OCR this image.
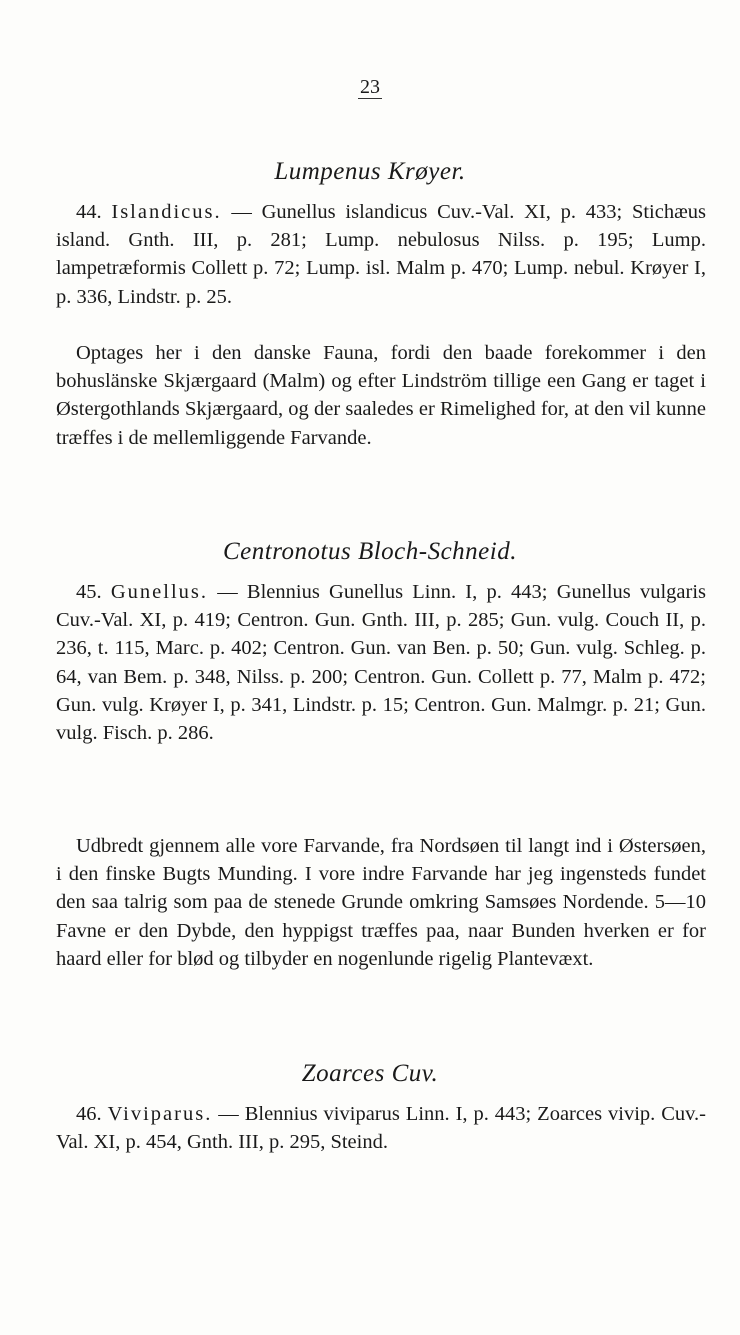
23
Lumpenus Krøyer.

44. Islandicus. — Gunellus islandicus Cuv.-Val. XI, p. 433; Stichæus island. Gnth. III, p. 281; Lump. nebulosus Nilss. p. 195; Lump. lampetræformis Collett p. 72; Lump. isl. Malm p. 470; Lump. nebul. Krøyer I, p. 336, Lindstr. p. 25.

Optages her i den danske Fauna, fordi den baade forekommer i den bohuslänske Skjærgaard (Malm) og efter Lindström tillige een Gang er taget i Østergothlands Skjærgaard, og der saaledes er Rimelighed for, at den vil kunne træffes i de mellemliggende Farvande.

Centronotus Bloch-Schneid.

45. Gunellus. — Blennius Gunellus Linn. I, p. 443; Gunellus vulgaris Cuv.-Val. XI, p. 419; Centron. Gun. Gnth. III, p. 285; Gun. vulg. Couch II, p. 236, t. 115, Marc. p. 402; Centron. Gun. van Ben. p. 50; Gun. vulg. Schleg. p. 64, van Bem. p. 348, Nilss. p. 200; Centron. Gun. Collett p. 77, Malm p. 472; Gun. vulg. Krøyer I, p. 341, Lindstr. p. 15; Centron. Gun. Malmgr. p. 21; Gun. vulg. Fisch. p. 286.

Udbredt gjennem alle vore Farvande, fra Nordsøen til langt ind i Østersøen, i den finske Bugts Munding. I vore indre Farvande har jeg ingensteds fundet den saa talrig som paa de stenede Grunde omkring Samsøes Nordende. 5—10 Favne er den Dybde, den hyppigst træffes paa, naar Bunden hverken er for haard eller for blød og tilbyder en nogenlunde rigelig Plantevæxt.

Zoarces Cuv.

46. Viviparus. — Blennius viviparus Linn. I, p. 443; Zoarces vivip. Cuv.-Val. XI, p. 454, Gnth. III, p. 295, Steind.
